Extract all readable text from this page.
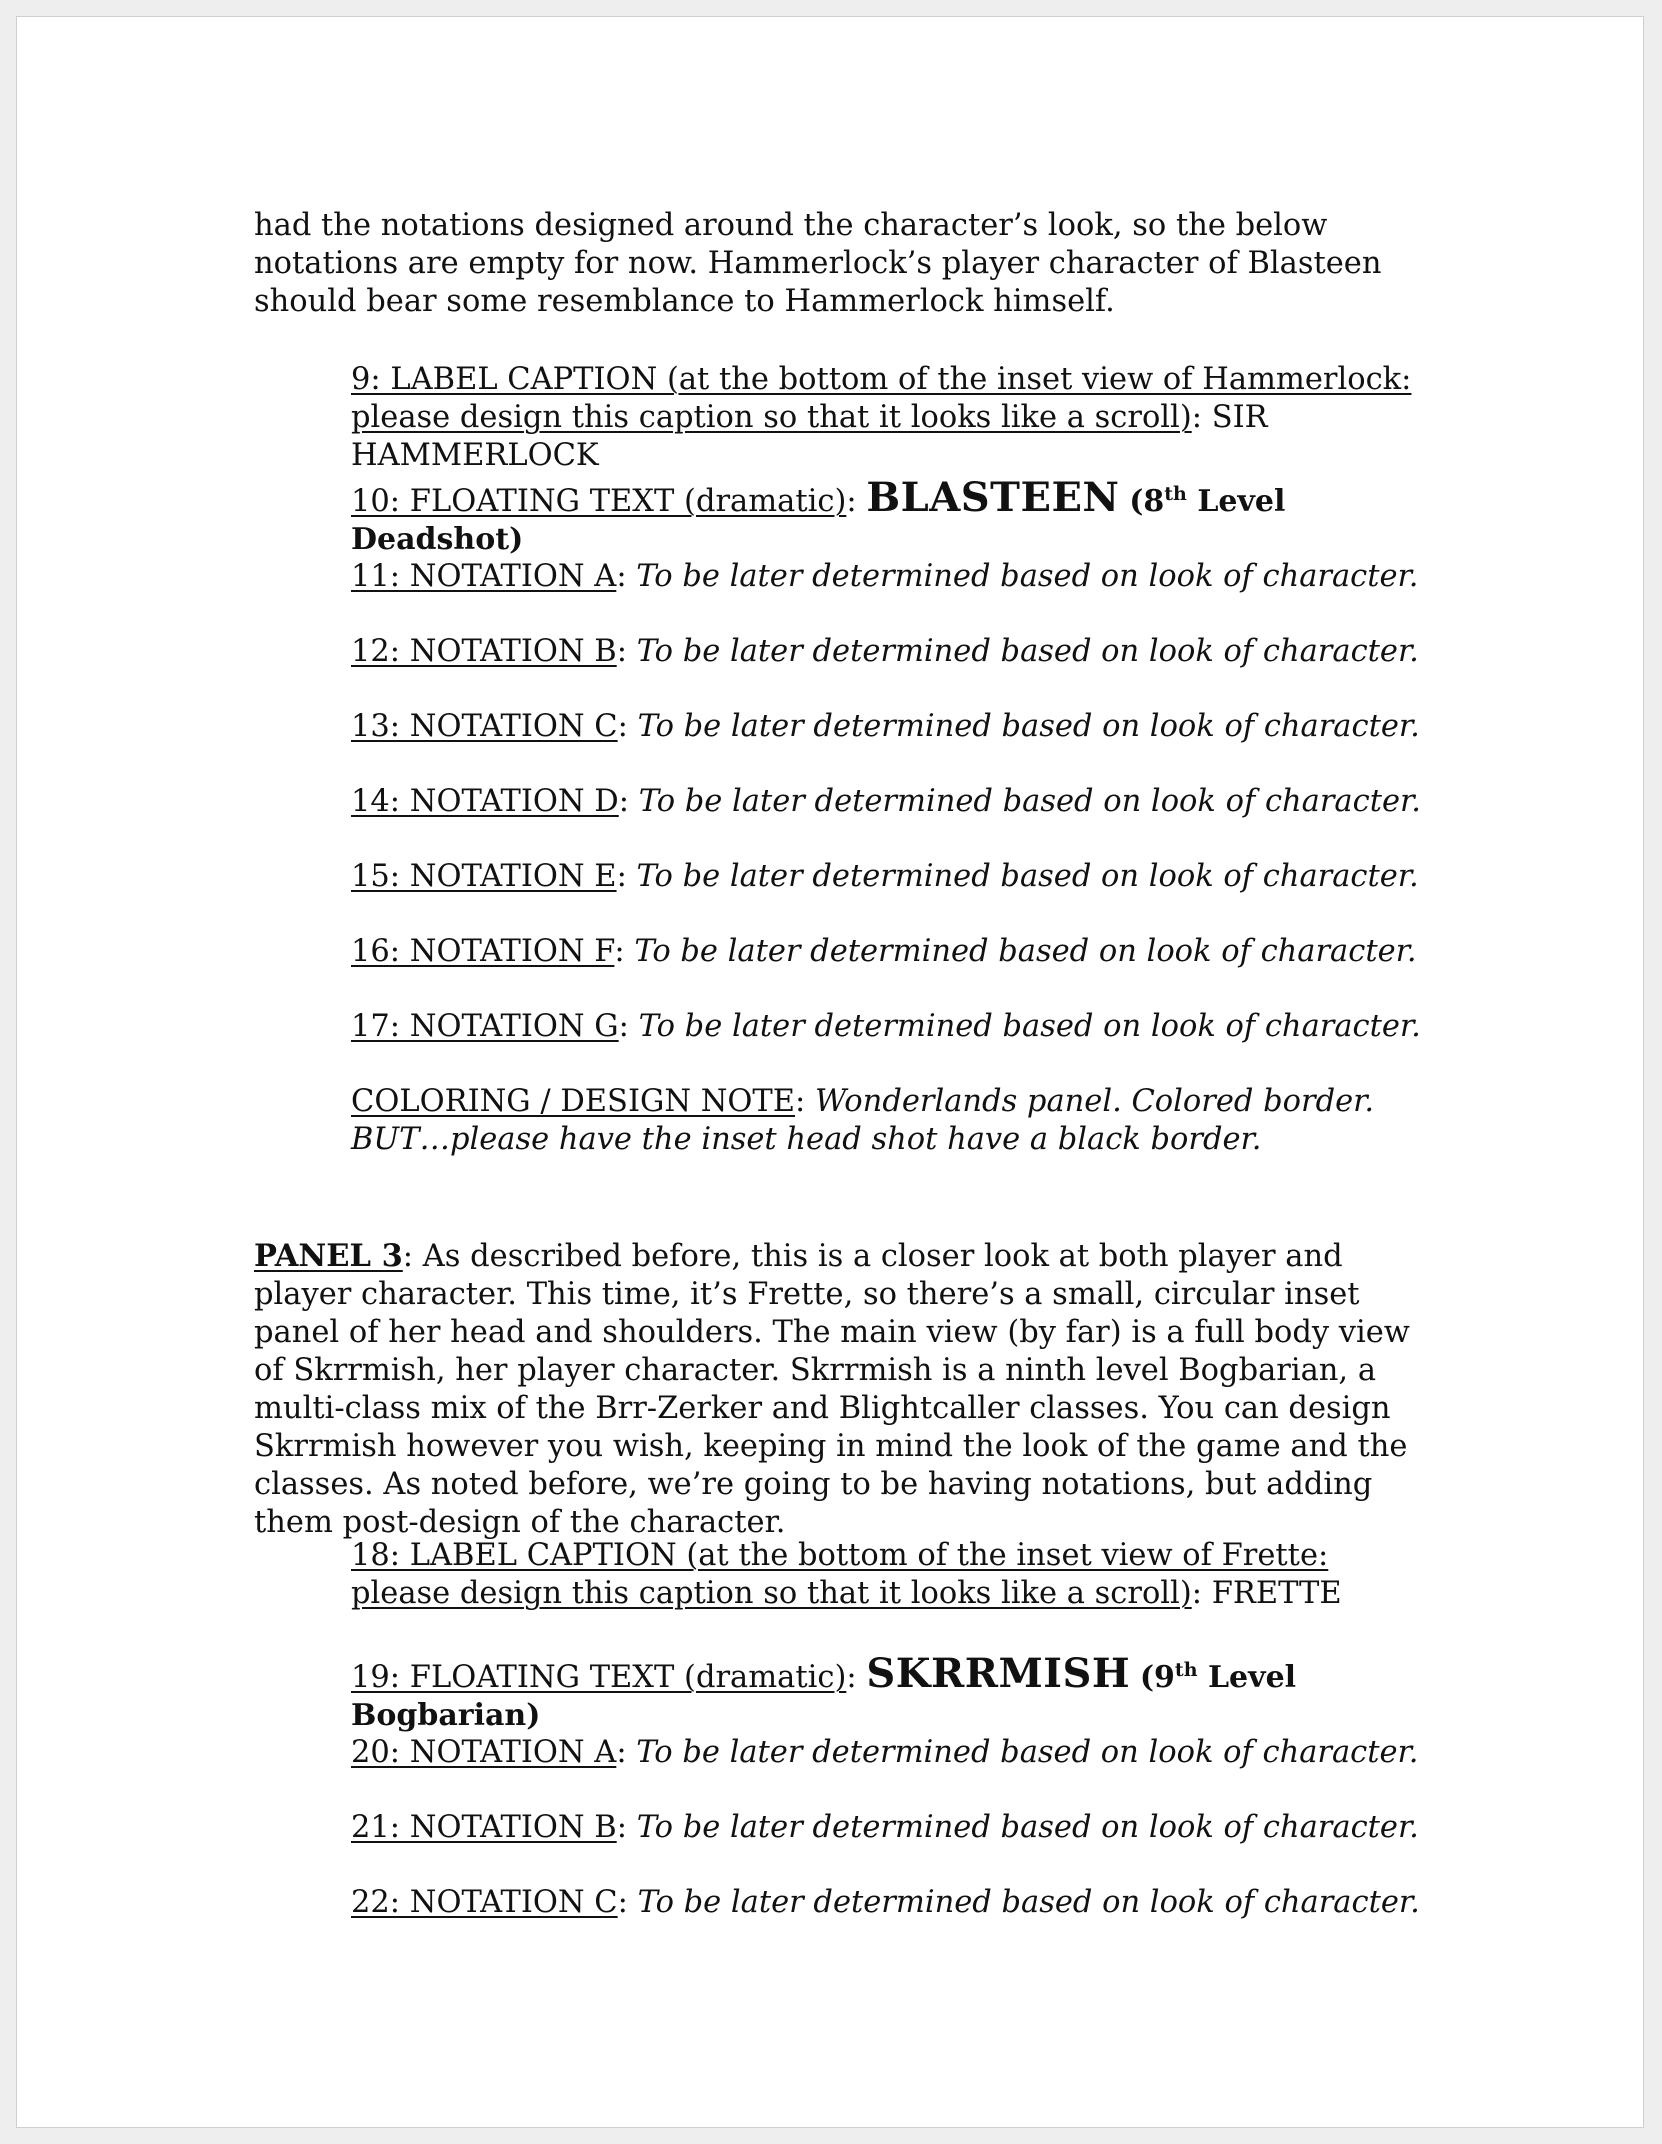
had the notations designed around the character’s look, so the below notations are empty for now. Hammerlock’s player character of Blasteen should bear some resemblance to Hammerlock himself.

9: LABEL CAPTION (at the bottom of the inset view of Hammerlock: please design this caption so that it looks like a scroll): SIR HAMMERLOCK

10: FLOATING TEXT (dramatic): BLASTEEN (8th Level Deadshot)

11: NOTATION A: To be later determined based on look of character.

12: NOTATION B: To be later determined based on look of character.

13: NOTATION C: To be later determined based on look of character.

14: NOTATION D: To be later determined based on look of character.

15: NOTATION E: To be later determined based on look of character.

16: NOTATION F: To be later determined based on look of character.

17: NOTATION G: To be later determined based on look of character.

COLORING / DESIGN NOTE: Wonderlands panel. Colored border. BUT…please have the inset head shot have a black border.

PANEL 3: As described before, this is a closer look at both player and player character. This time, it’s Frette, so there’s a small, circular inset panel of her head and shoulders. The main view (by far) is a full body view of Skrrmish, her player character. Skrrmish is a ninth level Bogbarian, a multi-class mix of the Brr-Zerker and Blightcaller classes. You can design Skrrmish however you wish, keeping in mind the look of the game and the classes. As noted before, we’re going to be having notations, but adding them post-design of the character.

18: LABEL CAPTION (at the bottom of the inset view of Frette: please design this caption so that it looks like a scroll): FRETTE

19: FLOATING TEXT (dramatic): SKRRMISH (9th Level Bogbarian)

20: NOTATION A: To be later determined based on look of character.

21: NOTATION B: To be later determined based on look of character.

22: NOTATION C: To be later determined based on look of character.
